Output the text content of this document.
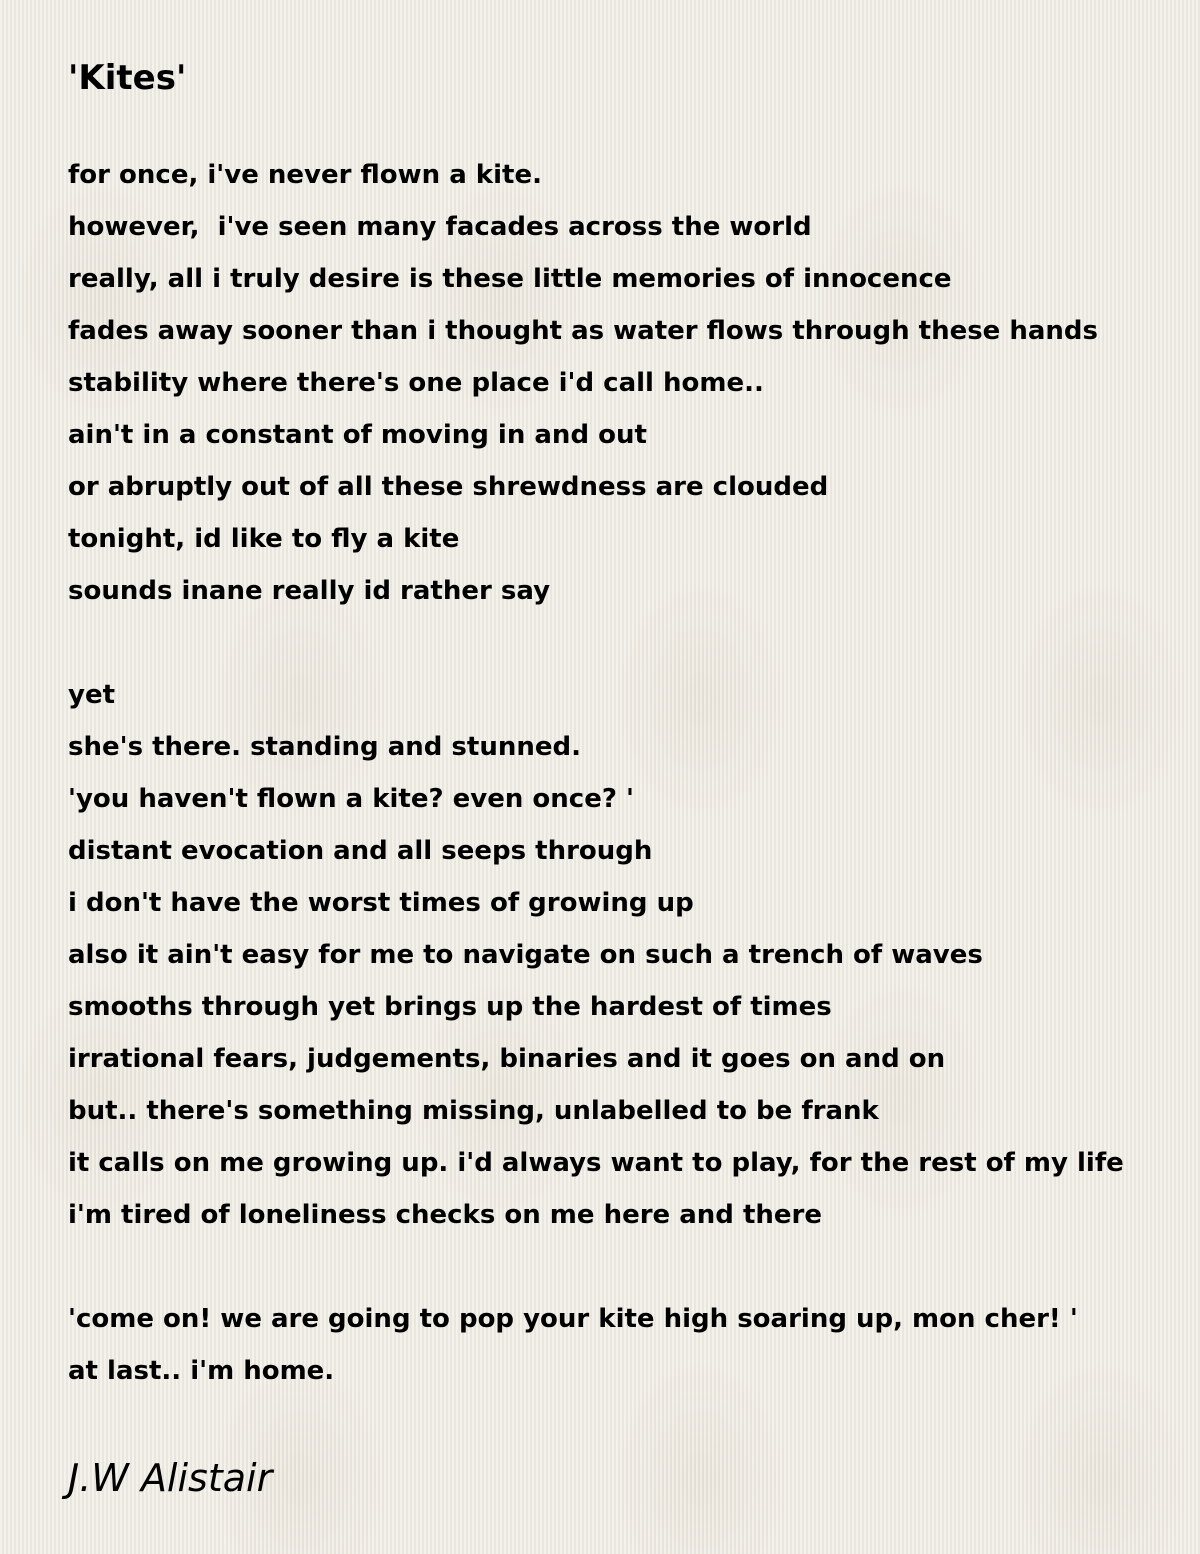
'Kites'
for once, i've never flown a kite.
however,  i've seen many facades across the world
really, all i truly desire is these little memories of innocence
fades away sooner than i thought as water flows through these hands
stability where there's one place i'd call home..
ain't in a constant of moving in and out
or abruptly out of all these shrewdness are clouded
tonight, id like to fly a kite
sounds inane really id rather say
yet
she's there. standing and stunned.
'you haven't flown a kite? even once? '
distant evocation and all seeps through
i don't have the worst times of growing up
also it ain't easy for me to navigate on such a trench of waves
smooths through yet brings up the hardest of times
irrational fears, judgements, binaries and it goes on and on
but.. there's something missing, unlabelled to be frank
it calls on me growing up. i'd always want to play, for the rest of my life
i'm tired of loneliness checks on me here and there
'come on! we are going to pop your kite high soaring up, mon cher! '
at last.. i'm home.
J.W Alistair
